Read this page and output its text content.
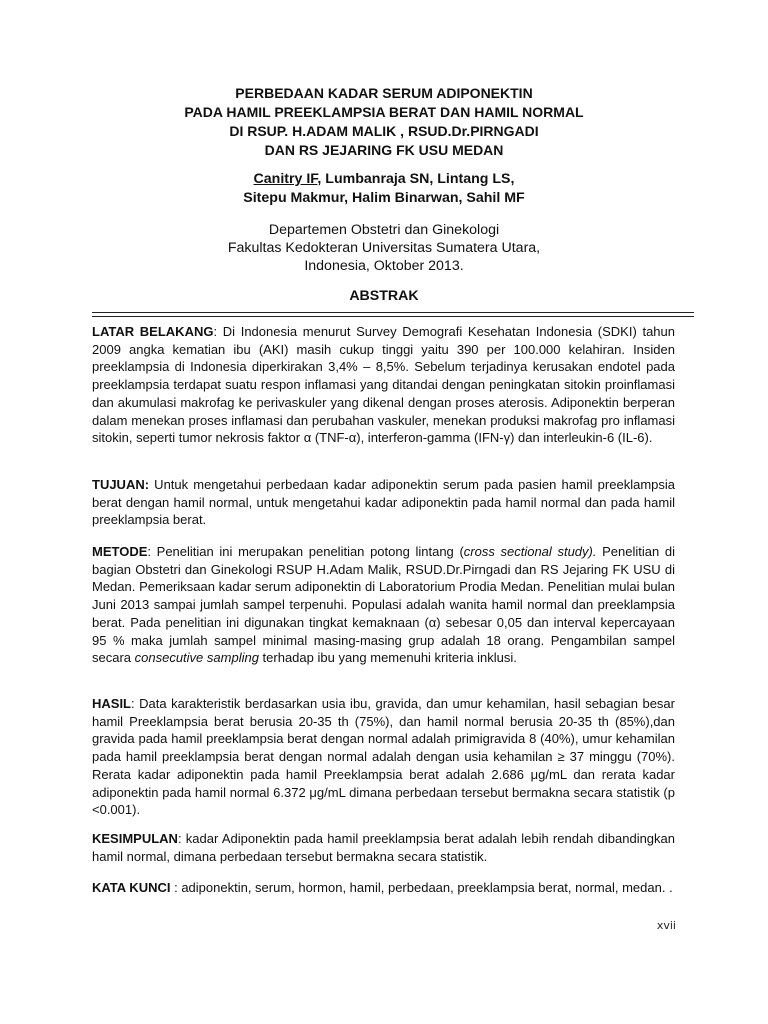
PERBEDAAN KADAR SERUM ADIPONEKTIN
PADA HAMIL PREEKLAMPSIA BERAT DAN HAMIL NORMAL
DI RSUP. H.ADAM MALIK , RSUD.Dr.PIRNGADI
DAN RS JEJARING FK USU MEDAN
Canitry IF, Lumbanraja SN, Lintang LS,
Sitepu Makmur, Halim Binarwan, Sahil MF
Departemen Obstetri dan Ginekologi
Fakultas Kedokteran Universitas Sumatera Utara,
Indonesia, Oktober 2013.
ABSTRAK
LATAR BELAKANG: Di Indonesia menurut Survey Demografi Kesehatan Indonesia (SDKI) tahun 2009 angka kematian ibu (AKI) masih cukup tinggi yaitu 390 per 100.000 kelahiran. Insiden preeklampsia di Indonesia diperkirakan 3,4% – 8,5%. Sebelum terjadinya kerusakan endotel pada preeklampsia terdapat suatu respon inflamasi yang ditandai dengan peningkatan sitokin proinflamasi dan akumulasi makrofag ke perivaskuler yang dikenal dengan proses aterosis. Adiponektin berperan dalam menekan proses inflamasi dan perubahan vaskuler, menekan produksi makrofag pro inflamasi sitokin, seperti tumor nekrosis faktor α (TNF-α), interferon-gamma (IFN-γ) dan interleukin-6 (IL-6).
TUJUAN: Untuk mengetahui perbedaan kadar adiponektin serum pada pasien hamil preeklampsia berat dengan hamil normal, untuk mengetahui kadar adiponektin pada hamil normal dan pada hamil preeklampsia berat.
METODE: Penelitian ini merupakan penelitian potong lintang (cross sectional study). Penelitian di bagian Obstetri dan Ginekologi RSUP H.Adam Malik, RSUD.Dr.Pirngadi dan RS Jejaring FK USU di Medan. Pemeriksaan kadar serum adiponektin di Laboratorium Prodia Medan. Penelitian mulai bulan Juni 2013 sampai jumlah sampel terpenuhi. Populasi adalah wanita hamil normal dan preeklampsia berat. Pada penelitian ini digunakan tingkat kemaknaan (α) sebesar 0,05 dan interval kepercayaan 95 % maka jumlah sampel minimal masing-masing grup adalah 18 orang. Pengambilan sampel secara consecutive sampling terhadap ibu yang memenuhi kriteria inklusi.
HASIL: Data karakteristik berdasarkan usia ibu, gravida, dan umur kehamilan, hasil sebagian besar hamil Preeklampsia berat berusia 20-35 th (75%), dan hamil normal berusia 20-35 th (85%),dan gravida pada hamil preeklampsia berat dengan normal adalah primigravida 8 (40%), umur kehamilan pada hamil preeklampsia berat dengan normal adalah dengan usia kehamilan ≥ 37 minggu (70%). Rerata kadar adiponektin pada hamil Preeklampsia berat adalah 2.686 μg/mL dan rerata kadar adiponektin pada hamil normal 6.372 μg/mL dimana perbedaan tersebut bermakna secara statistik (p <0.001).
KESIMPULAN: kadar Adiponektin pada hamil preeklampsia berat adalah lebih rendah dibandingkan hamil normal, dimana perbedaan tersebut bermakna secara statistik.
KATA KUNCI : adiponektin, serum, hormon, hamil, perbedaan, preeklampsia berat, normal, medan. .
xvii
